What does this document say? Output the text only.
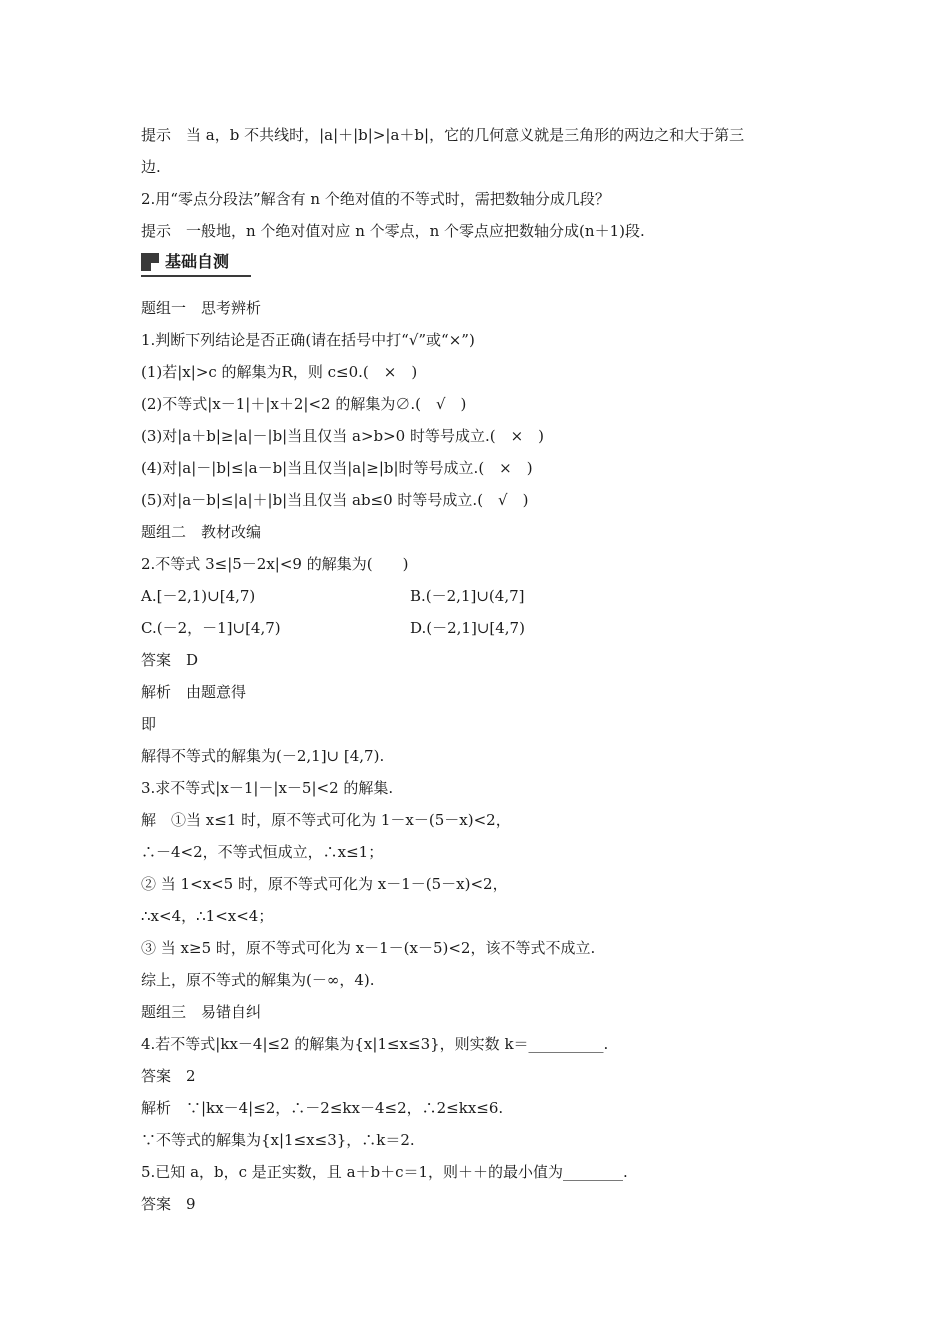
提示　当 a，b 不共线时，|a|＋|b|>|a＋b|，它的几何意义就是三角形的两边之和大于第三
边.
2.用“零点分段法”解含有 n 个绝对值的不等式时，需把数轴分成几段？
提示　一般地，n 个绝对值对应 n 个零点，n 个零点应把数轴分成(n＋1)段.
基础自测
题组一　思考辨析
1.判断下列结论是否正确(请在括号中打“√”或“×”)
(1)若|x|>c 的解集为R，则 c≤0.(　×　)
(2)不等式|x－1|＋|x＋2|<2 的解集为∅.(　√　)
(3)对|a＋b|≥|a|－|b|当且仅当 a>b>0 时等号成立.(　×　)
(4)对|a|－|b|≤|a－b|当且仅当|a|≥|b|时等号成立.(　×　)
(5)对|a－b|≤|a|＋|b|当且仅当 ab≤0 时等号成立.(　√　)
题组二　教材改编
2.不等式 3≤|5－2x|<9 的解集为(　　)
A.[－2,1)∪[4,7)	B.(－2,1]∪(4,7]
C.(－2，－1]∪[4,7)	D.(－2,1]∪[4,7)
答案　D
解析　由题意得
即
解得不等式的解集为(－2,1]∪ [4,7).
3.求不等式|x－1|－|x－5|<2 的解集.
解　①当 x≤1 时，原不等式可化为 1－x－(5－x)<2，
∴－4<2，不等式恒成立，∴x≤1；
② 当 1<x<5 时，原不等式可化为 x－1－(5－x)<2，
∴x<4，∴1<x<4；
③ 当 x≥5 时，原不等式可化为 x－1－(x－5)<2，该不等式不成立.
综上，原不等式的解集为(－∞，4).
题组三　易错自纠
4.若不等式|kx－4|≤2 的解集为{x|1≤x≤3}，则实数 k＝__________.
答案　2
解析　∵|kx－4|≤2，∴－2≤kx－4≤2，∴2≤kx≤6.
∵不等式的解集为{x|1≤x≤3}，∴k＝2.
5.已知 a，b，c 是正实数，且 a＋b＋c＝1，则＋＋的最小值为________.
答案　9
